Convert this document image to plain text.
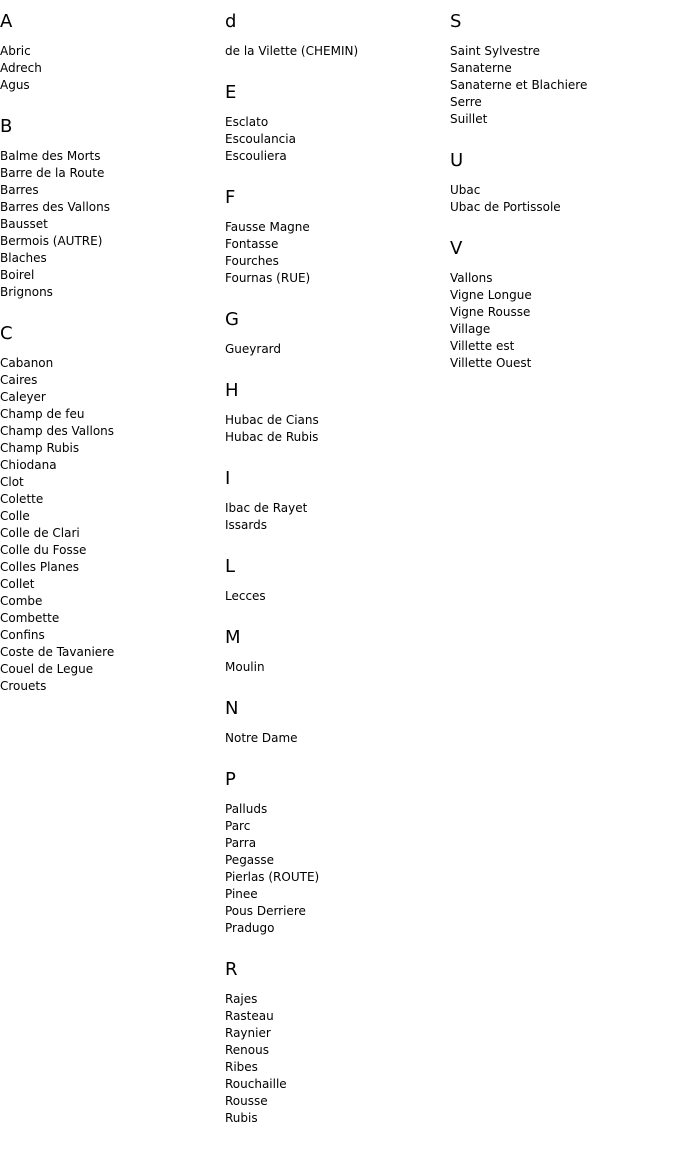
A
Abric
Adrech
Agus
B
Balme des Morts
Barre de la Route
Barres
Barres des Vallons
Bausset
Bermois (AUTRE)
Blaches
Boirel
Brignons
C
Cabanon
Caires
Caleyer
Champ de feu
Champ des Vallons
Champ Rubis
Chiodana
Clot
Colette
Colle
Colle de Clari
Colle du Fosse
Colles Planes
Collet
Combe
Combette
Confins
Coste de Tavaniere
Couel de Legue
Crouets
d
de la Vilette (CHEMIN)
E
Esclato
Escoulancia
Escouliera
F
Fausse Magne
Fontasse
Fourches
Fournas (RUE)
G
Gueyrard
H
Hubac de Cians
Hubac de Rubis
I
Ibac de Rayet
Issards
L
Lecces
M
Moulin
N
Notre Dame
P
Palluds
Parc
Parra
Pegasse
Pierlas (ROUTE)
Pinee
Pous Derriere
Pradugo
R
Rajes
Rasteau
Raynier
Renous
Ribes
Rouchaille
Rousse
Rubis
S
Saint Sylvestre
Sanaterne
Sanaterne et Blachiere
Serre
Suillet
U
Ubac
Ubac de Portissole
V
Vallons
Vigne Longue
Vigne Rousse
Village
Villette est
Villette Ouest
